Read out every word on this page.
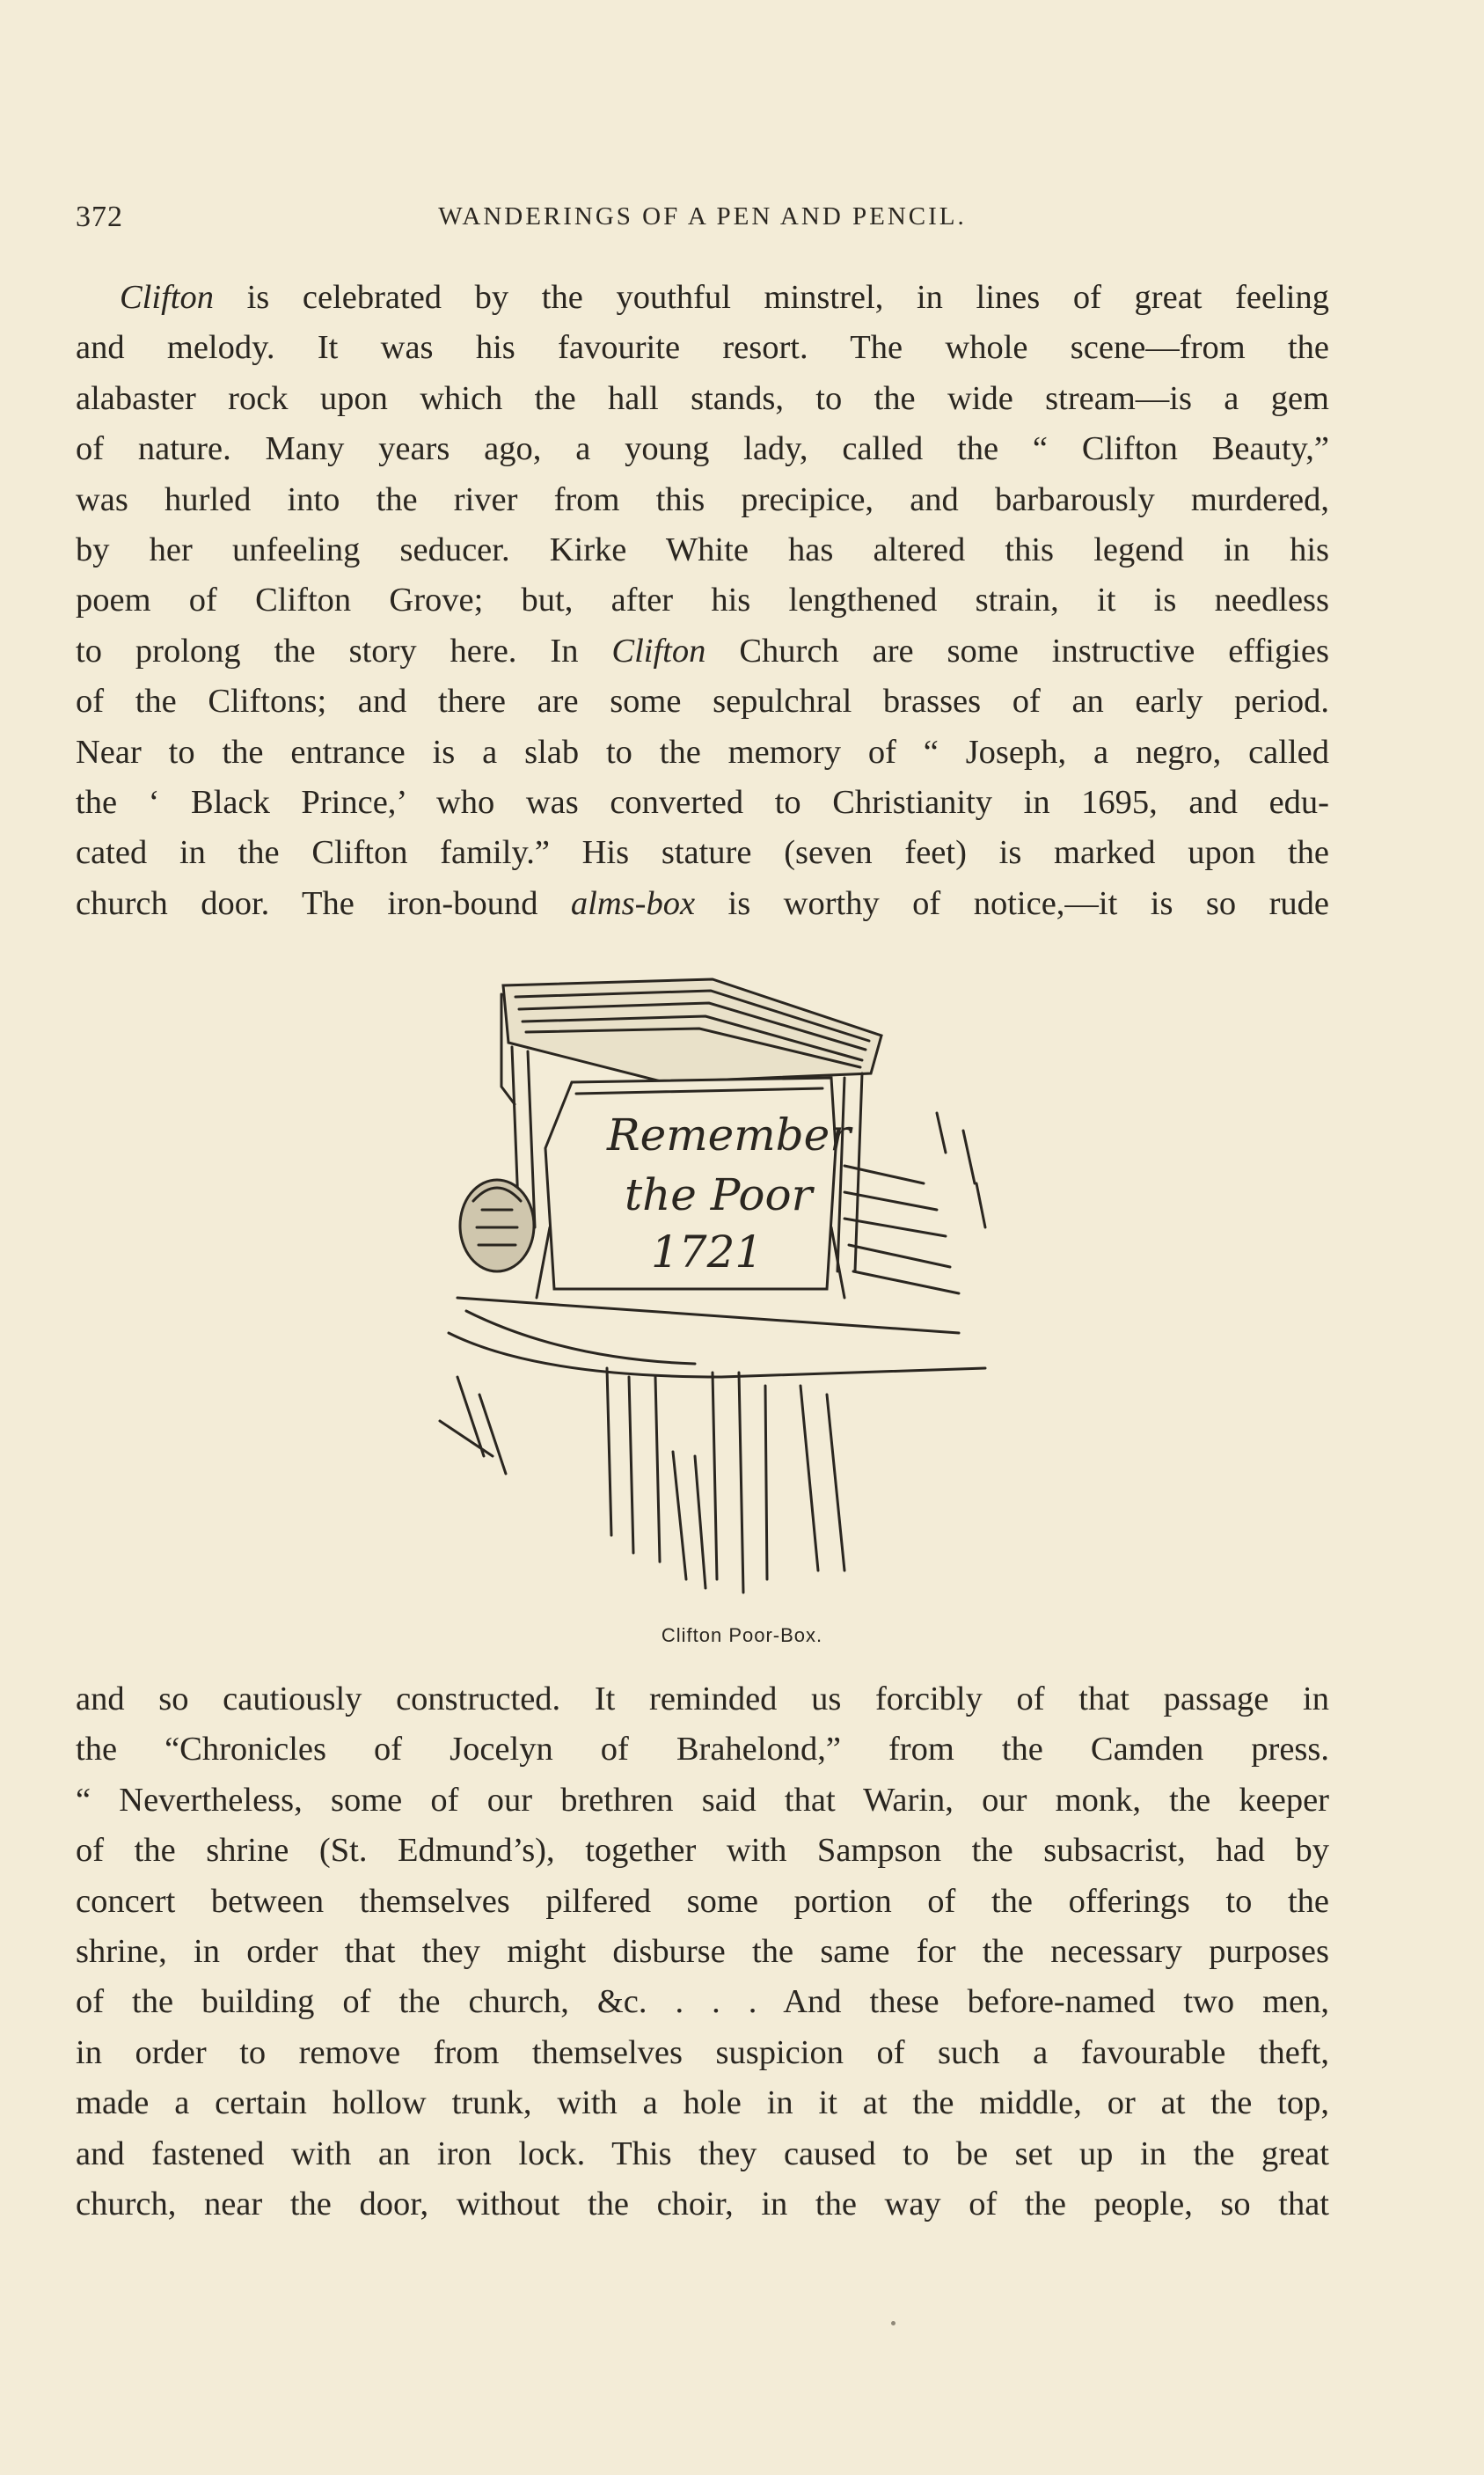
372	WANDERINGS OF A PEN AND PENCIL.
Clifton is celebrated by the youthful minstrel, in lines of great feeling
and melody. It was his favourite resort. The whole scene—from the
alabaster rock upon which the hall stands, to the wide stream—is a gem
of nature. Many years ago, a young lady, called the “ Clifton Beauty,”
was hurled into the river from this precipice, and barbarously murdered,
by her unfeeling seducer. Kirke White has altered this legend in his
poem of Clifton Grove; but, after his lengthened strain, it is needless
to prolong the story here. In Clifton Church are some instructive effigies
of the Cliftons; and there are some sepulchral brasses of an early period.
Near to the entrance is a slab to the memory of “ Joseph, a negro, called
the ‘ Black Prince,’ who was converted to Christianity in 1695, and edu-
cated in the Clifton family.” His stature (seven feet) is marked upon the
church door. The iron-bound alms-box is worthy of notice,—it is so rude
Remember
the Poor
1721
Clifton Poor-Box.
and so cautiously constructed. It reminded us forcibly of that passage in
the “Chronicles of Jocelyn of Brahelond,” from the Camden press.
“ Nevertheless, some of our brethren said that Warin, our monk, the keeper
of the shrine (St. Edmund’s), together with Sampson the subsacrist, had by
concert between themselves pilfered some portion of the offerings to the
shrine, in order that they might disburse the same for the necessary purposes
of the building of the church, &c. . . . And these before-named two men,
in order to remove from themselves suspicion of such a favourable theft,
made a certain hollow trunk, with a hole in it at the middle, or at the top,
and fastened with an iron lock. This they caused to be set up in the great
church, near the door, without the choir, in the way of the people, so that
